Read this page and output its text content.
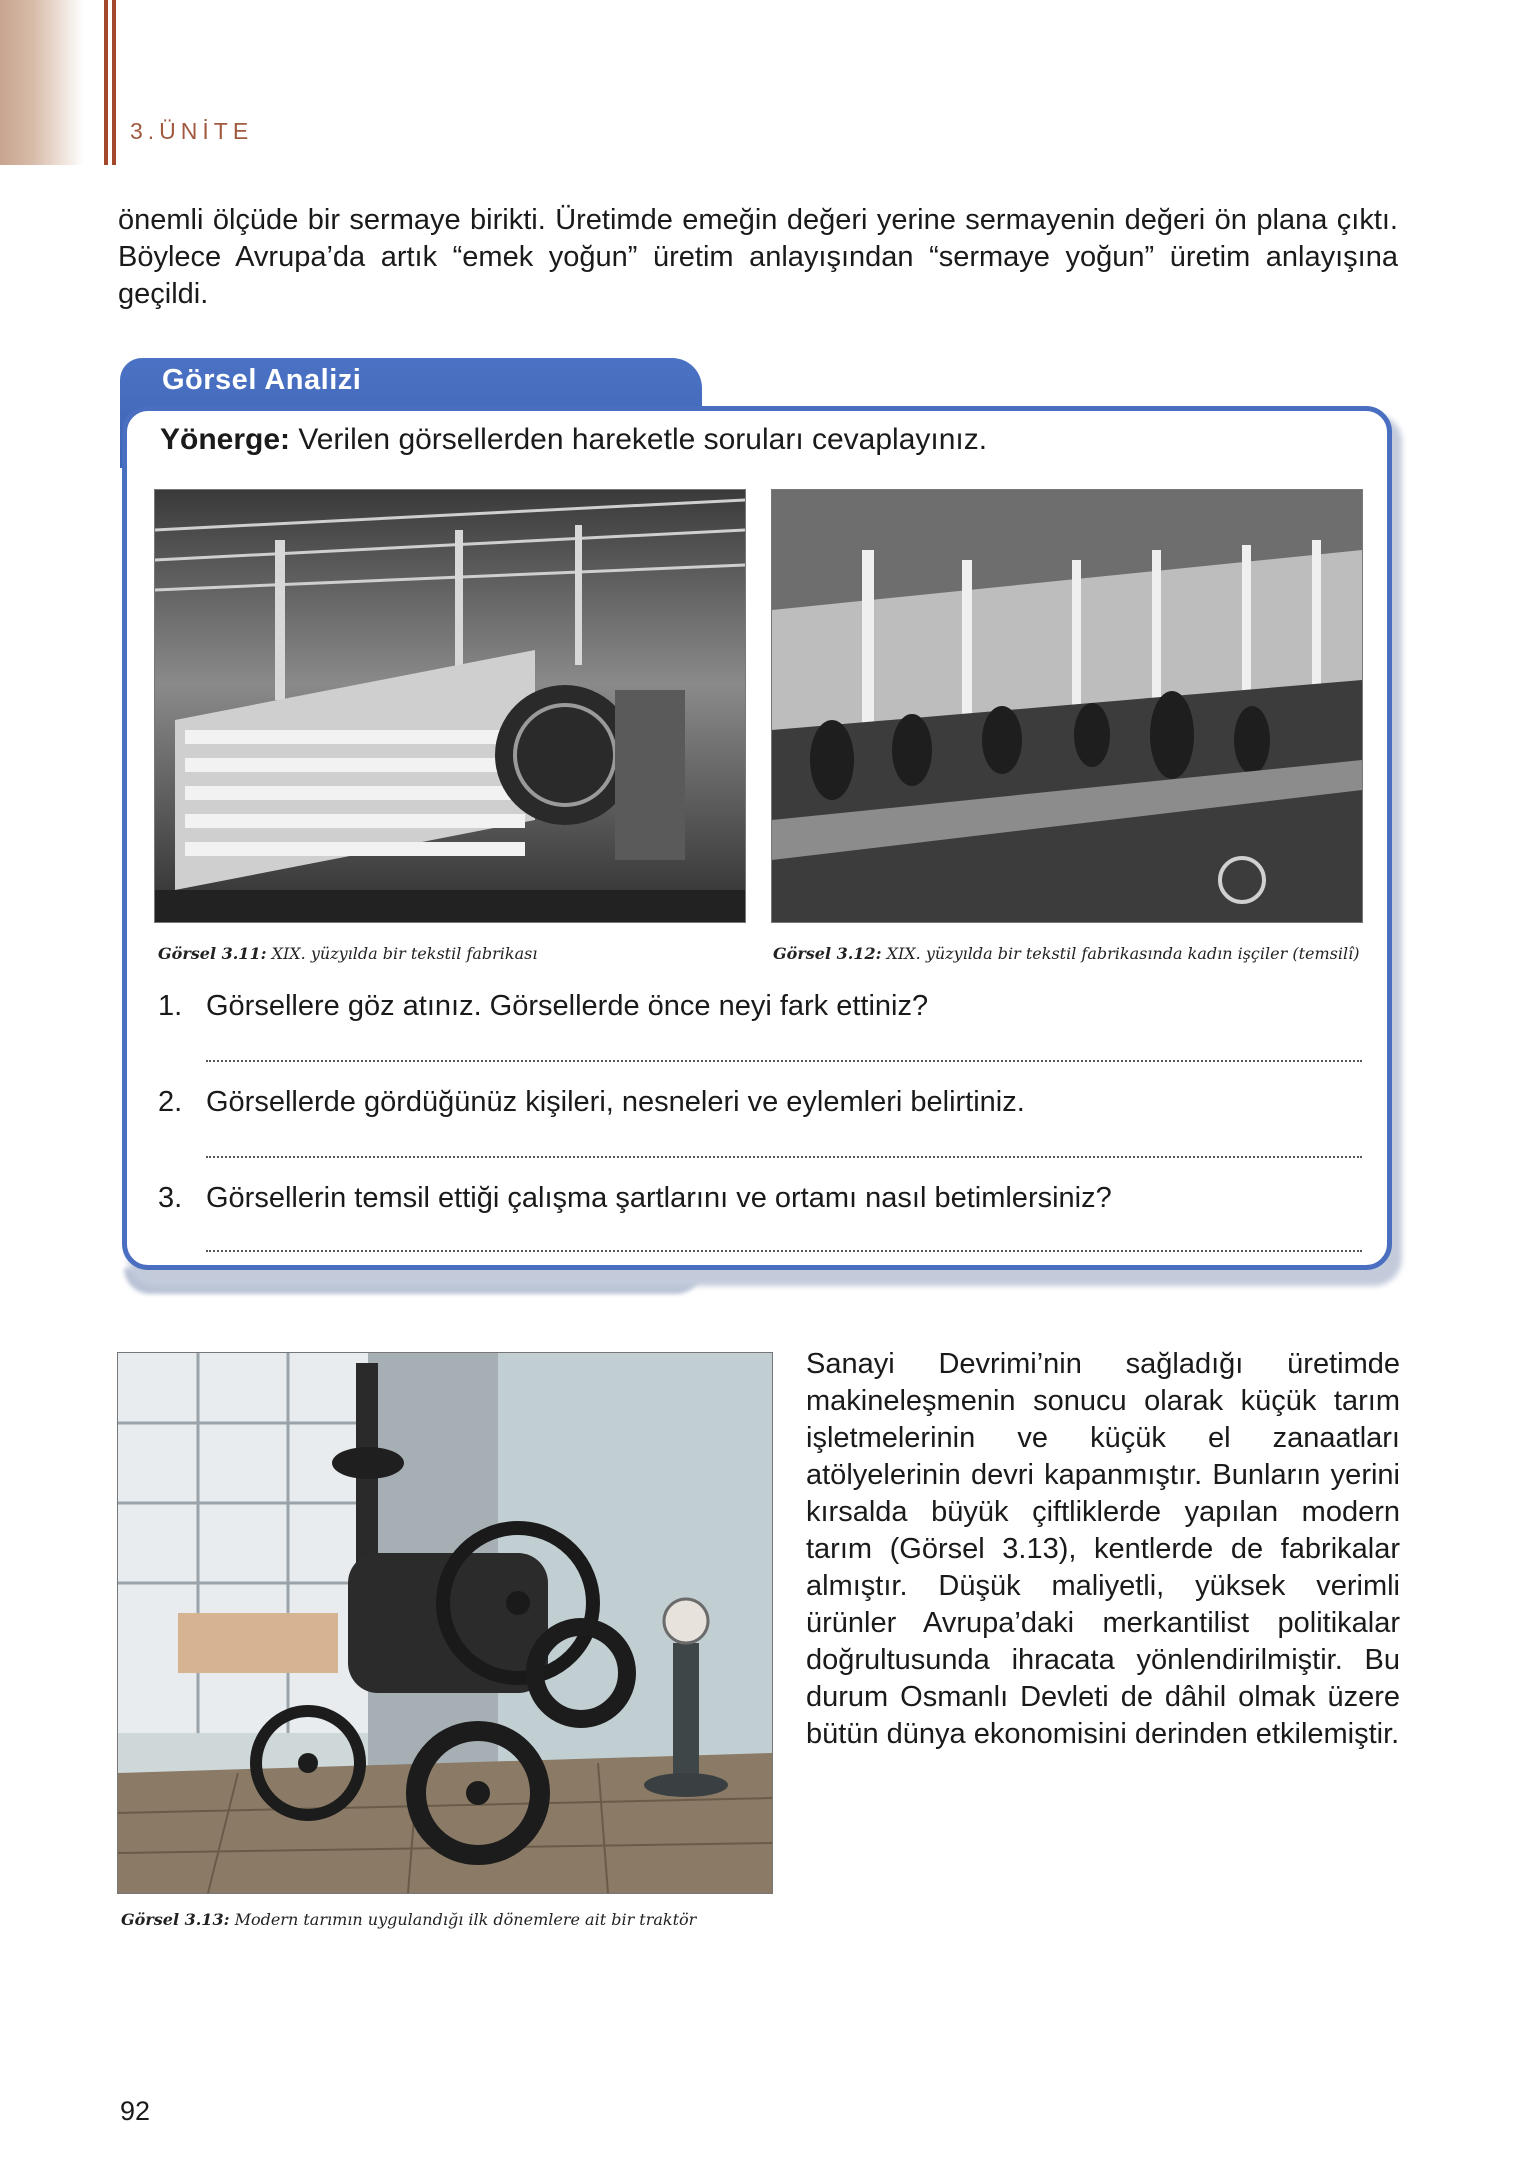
3.ÜNİTE

önemli ölçüde bir sermaye birikti. Üretimde emeğin değeri yerine sermayenin değeri ön plana çıktı. Böylece Avrupa’da artık “emek yoğun” üretim anlayışından “sermaye yoğun” üretim anlayışına geçildi.

Görsel Analizi
Yönerge: Verilen görsellerden hareketle soruları cevaplayınız.
Görsel 3.11: XIX. yüzyılda bir tekstil fabrikası	Görsel 3.12: XIX. yüzyılda bir tekstil fabrikasında kadın işçiler (temsilî)
1. Görsellere göz atınız. Görsellerde önce neyi fark ettiniz?
2. Görsellerde gördüğünüz kişileri, nesneleri ve eylemleri belirtiniz.
3. Görsellerin temsil ettiği çalışma şartlarını ve ortamı nasıl betimlersiniz?
Görsel 3.13: Modern tarımın uygulandığı ilk dönemlere ait bir traktör

Sanayi Devrimi’nin sağladığı üretimde makineleşmenin sonucu olarak küçük tarım işletmelerinin ve küçük el zanaatları atölyelerinin devri kapanmıştır. Bunların yerini kırsalda büyük çiftliklerde yapılan modern tarım (Görsel 3.13), kentlerde de fabrikalar almıştır. Düşük maliyetli, yüksek verimli ürünler Avrupa’daki merkantilist politikalar doğrultusunda ihracata yönlendirilmiştir. Bu durum Osmanlı Devleti de dâhil olmak üzere bütün dünya ekonomisini derinden etkilemiştir.

92
